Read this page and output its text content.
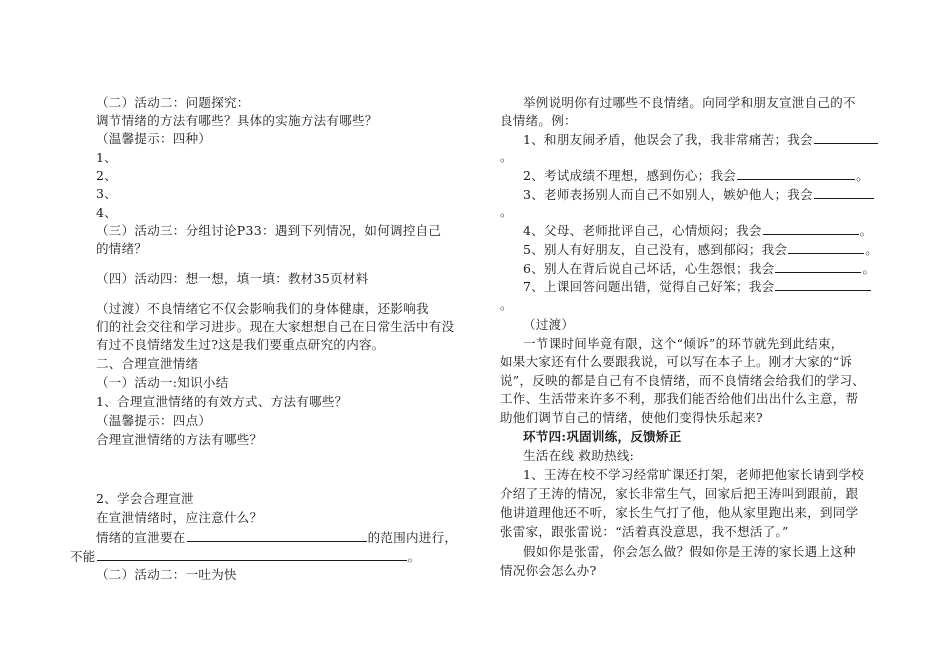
（二）活动二：问题探究：
调节情绪的方法有哪些？具体的实施方法有哪些？
（温馨提示：四种）
1、
2、
3、
4、
（三）活动三：分组讨论P33：遇到下列情况，如何调控自己
的情绪？
（四）活动四：想一想，填一填：教材35页材料
（过渡）不良情绪它不仅会影响我们的身体健康，还影响我
们的社会交往和学习进步。现在大家想想自己在日常生活中有没
有过不良情绪发生过?这是我们要重点研究的内容。
二、合理宣泄情绪
（一）活动一:知识小结
1、合理宣泄情绪的有效方式、方法有哪些？
（温馨提示：四点）
合理宣泄情绪的方法有哪些？
2、学会合理宣泄
在宣泄情绪时，应注意什么？
情绪的宣泄要在	的范围内进行，
不能	。
（二）活动二：一吐为快
举例说明你有过哪些不良情绪。向同学和朋友宣泄自己的不
良情绪。例：
1、和朋友闹矛盾，他误会了我，我非常痛苦；我会
。
2、考试成绩不理想，感到伤心；我会	。
3、老师表扬别人而自己不如别人，嫉妒他人；我会
。
4、父母、老师批评自己，心情烦闷；我会	。
5、别人有好朋友，自己没有，感到郁闷；我会	。
6、别人在背后说自己坏话，心生怨恨；我会	。
7、上课回答问题出错，觉得自己好笨；我会
。
（过渡）
一节课时间毕竟有限，这个“倾诉”的环节就先到此结束，
如果大家还有什么要跟我说，可以写在本子上。刚才大家的“诉
说”，反映的都是自己有不良情绪，而不良情绪会给我们的学习、
工作、生活带来许多不利，那我们能否给他们出出什么主意，帮
助他们调节自己的情绪，使他们变得快乐起来?
环节四:巩固训练，反馈矫正
生活在线 救助热线:
1、王涛在校不学习经常旷课还打架，老师把他家长请到学校
介绍了王涛的情况，家长非常生气，回家后把王涛叫到跟前，跟
他讲道理他还不听，家长生气打了他，他从家里跑出来，到同学
张雷家，跟张雷说：“活着真没意思，我不想活了。”
假如你是张雷，你会怎么做？假如你是王涛的家长遇上这种
情况你会怎么办?
